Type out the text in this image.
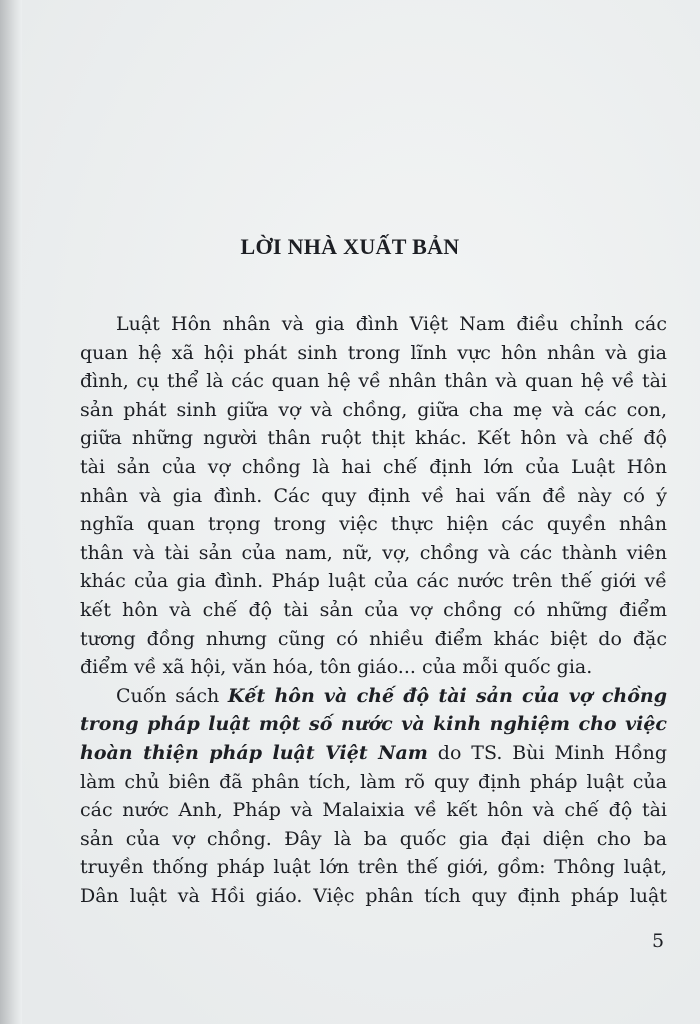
LỜI NHÀ XUẤT BẢN
Luật Hôn nhân và gia đình Việt Nam điều chỉnh các
quan hệ xã hội phát sinh trong lĩnh vực hôn nhân và gia
đình, cụ thể là các quan hệ về nhân thân và quan hệ về tài
sản phát sinh giữa vợ và chồng, giữa cha mẹ và các con,
giữa những người thân ruột thịt khác. Kết hôn và chế độ
tài sản của vợ chồng là hai chế định lớn của Luật Hôn
nhân và gia đình. Các quy định về hai vấn đề này có ý
nghĩa quan trọng trong việc thực hiện các quyền nhân
thân và tài sản của nam, nữ, vợ, chồng và các thành viên
khác của gia đình. Pháp luật của các nước trên thế giới về
kết hôn và chế độ tài sản của vợ chồng có những điểm
tương đồng nhưng cũng có nhiều điểm khác biệt do đặc
điểm về xã hội, văn hóa, tôn giáo... của mỗi quốc gia.
Cuốn sách Kết hôn và chế độ tài sản của vợ chồng
trong pháp luật một số nước và kinh nghiệm cho việc
hoàn thiện pháp luật Việt Nam do TS. Bùi Minh Hồng
làm chủ biên đã phân tích, làm rõ quy định pháp luật của
các nước Anh, Pháp và Malaixia về kết hôn và chế độ tài
sản của vợ chồng. Đây là ba quốc gia đại diện cho ba
truyền thống pháp luật lớn trên thế giới, gồm: Thông luật,
Dân luật và Hồi giáo. Việc phân tích quy định pháp luật
5
